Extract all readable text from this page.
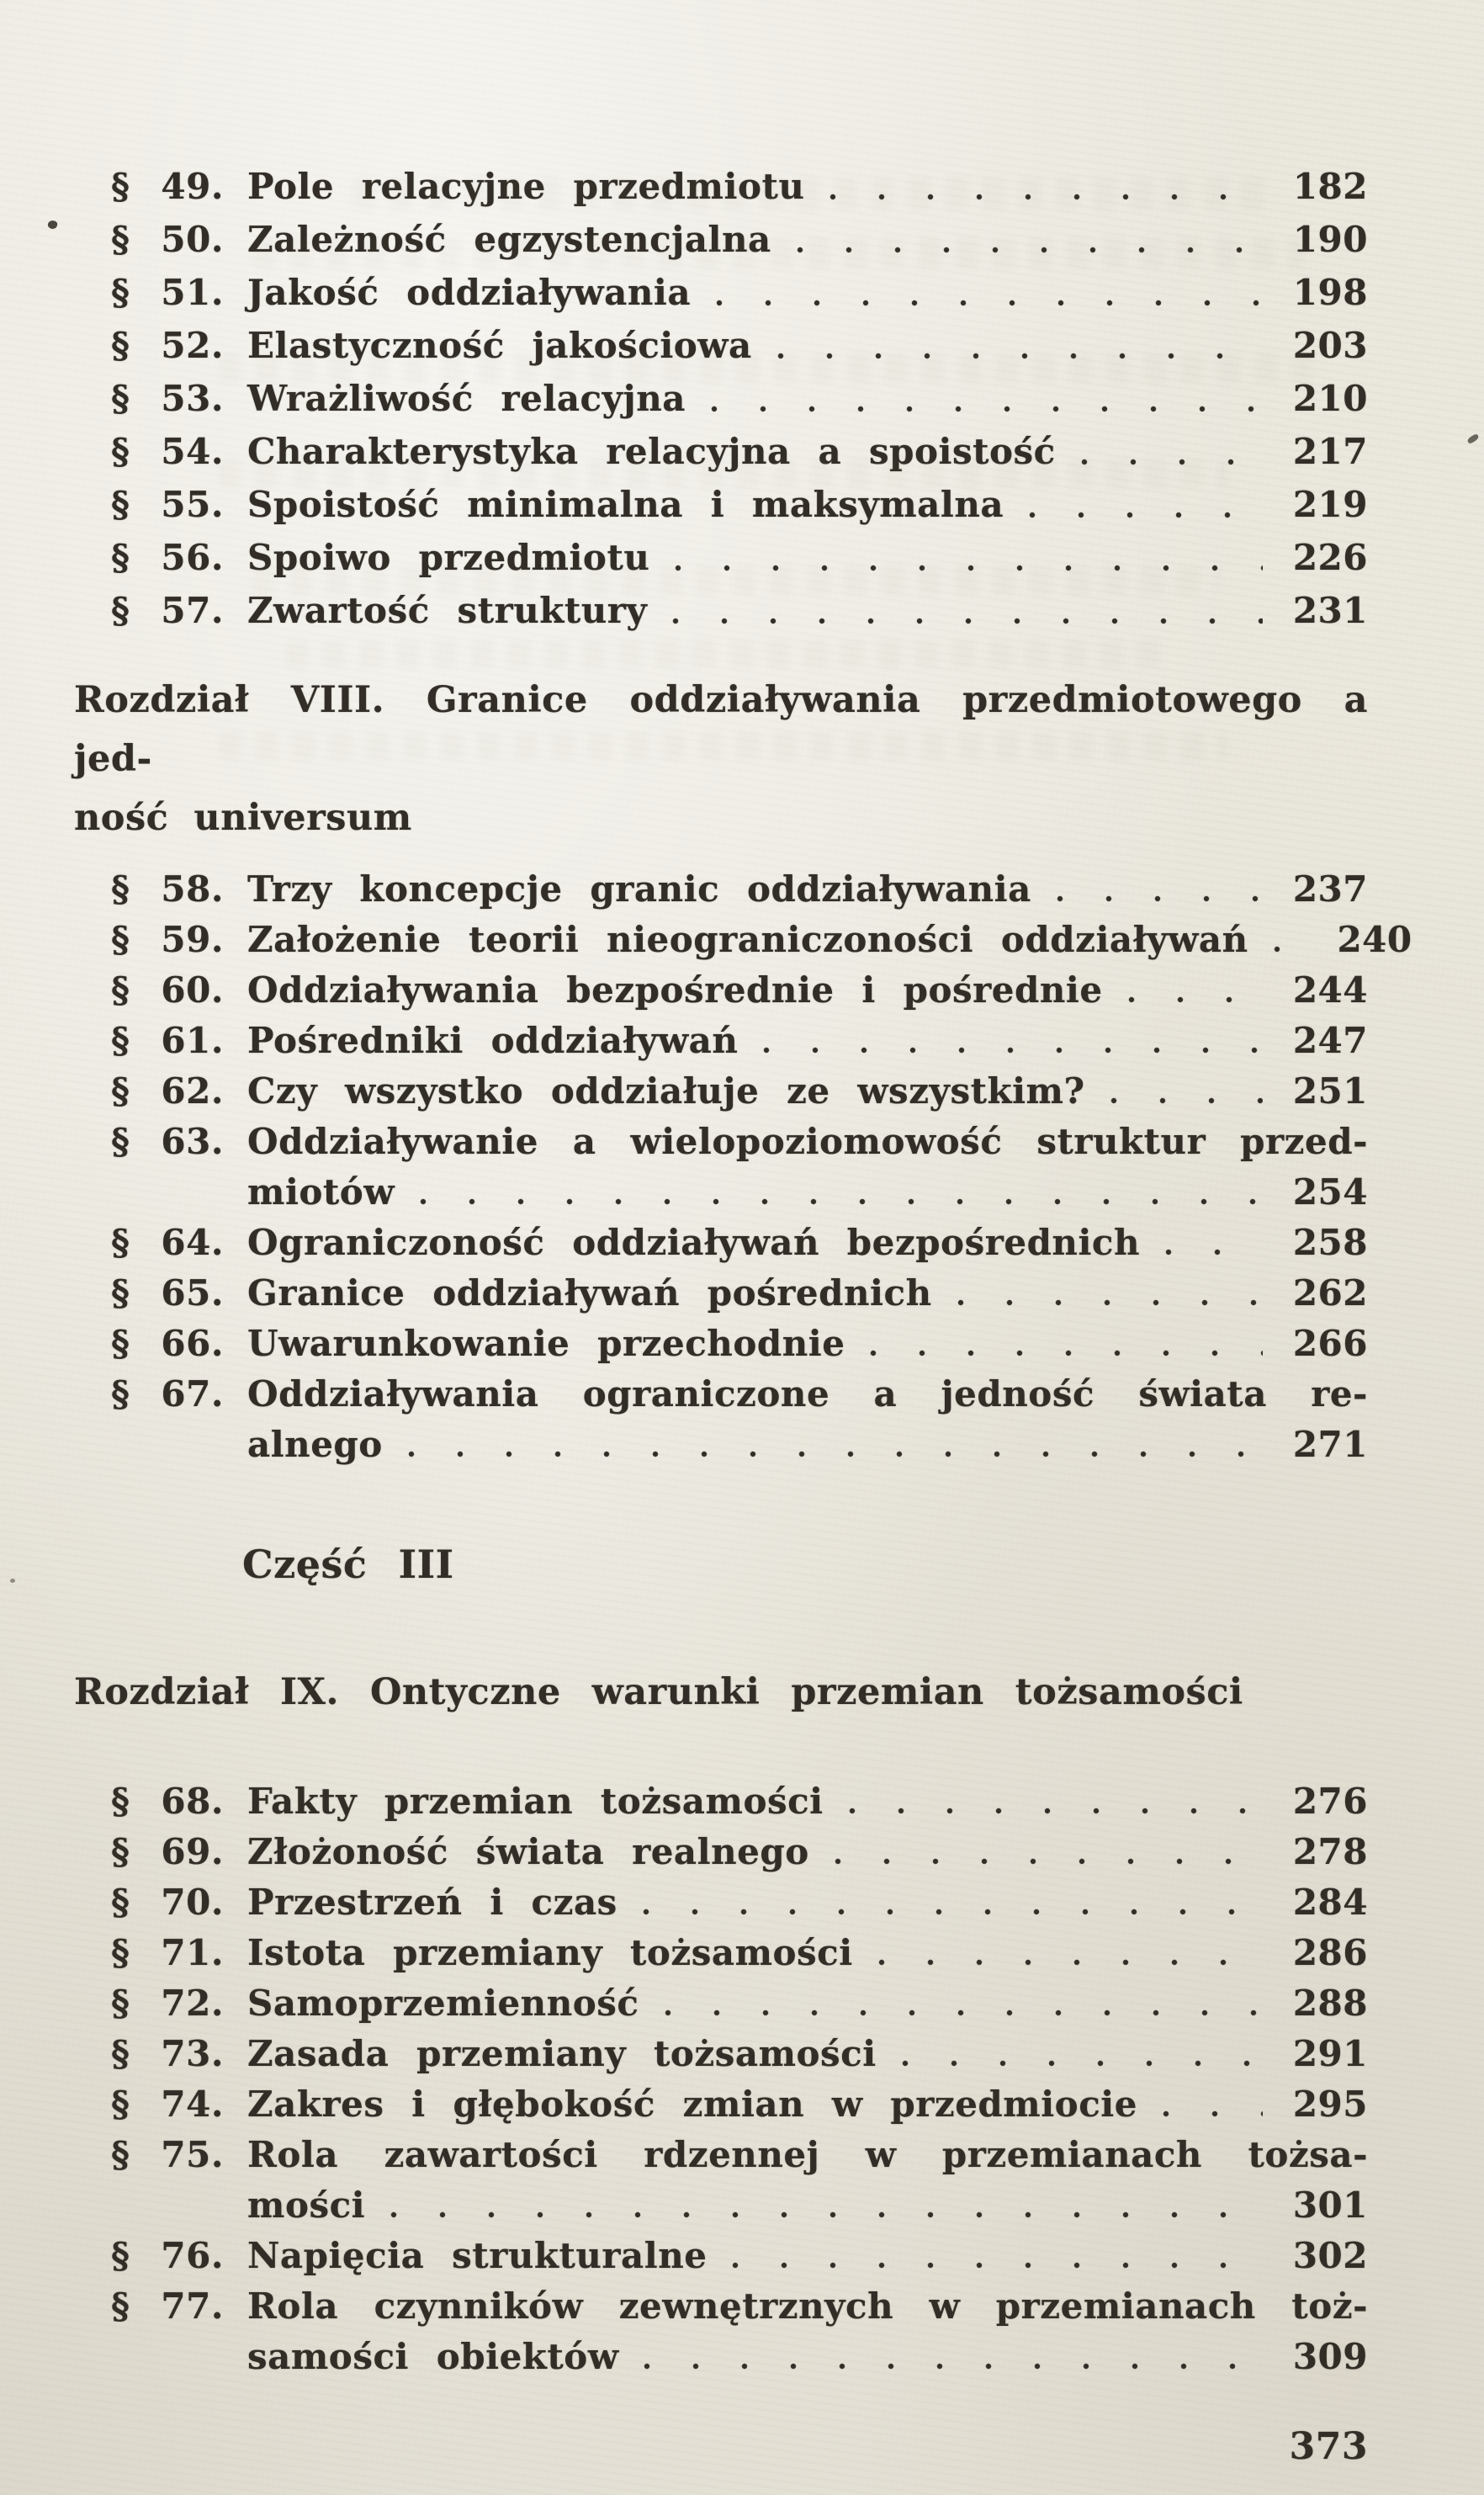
§ 49. Pole relacyjne przedmiotu	182
§ 50. Zależność egzystencjalna	190
§ 51. Jakość oddziaływania	198
§ 52. Elastyczność jakościowa	203
§ 53. Wrażliwość relacyjna	210
§ 54. Charakterystyka relacyjna a spoistość	217
§ 55. Spoistość minimalna i maksymalna	219
§ 56. Spoiwo przedmiotu	226
§ 57. Zwartość struktury	231
Rozdział VIII. Granice oddziaływania przedmiotowego a jed-
ność universum
§ 58. Trzy koncepcje granic oddziaływania	237
§ 59. Założenie teorii nieograniczoności oddziaływań	240
§ 60. Oddziaływania bezpośrednie i pośrednie	244
§ 61. Pośredniki oddziaływań	247
§ 62. Czy wszystko oddziałuje ze wszystkim?	251
§ 63. Oddziaływanie a wielopoziomowość struktur przed-
miotów	254
§ 64. Ograniczoność oddziaływań bezpośrednich	258
§ 65. Granice oddziaływań pośrednich	262
§ 66. Uwarunkowanie przechodnie	266
§ 67. Oddziaływania ograniczone a jedność świata re-
alnego	271
Część III
Rozdział IX. Ontyczne warunki przemian tożsamości
§ 68. Fakty przemian tożsamości	276
§ 69. Złożoność świata realnego	278
§ 70. Przestrzeń i czas	284
§ 71. Istota przemiany tożsamości	286
§ 72. Samoprzemienność	288
§ 73. Zasada przemiany tożsamości	291
§ 74. Zakres i głębokość zmian w przedmiocie	295
§ 75. Rola zawartości rdzennej w przemianach tożsa-
mości	301
§ 76. Napięcia strukturalne	302
§ 77. Rola czynników zewnętrznych w przemianach toż-
samości obiektów	309
373
